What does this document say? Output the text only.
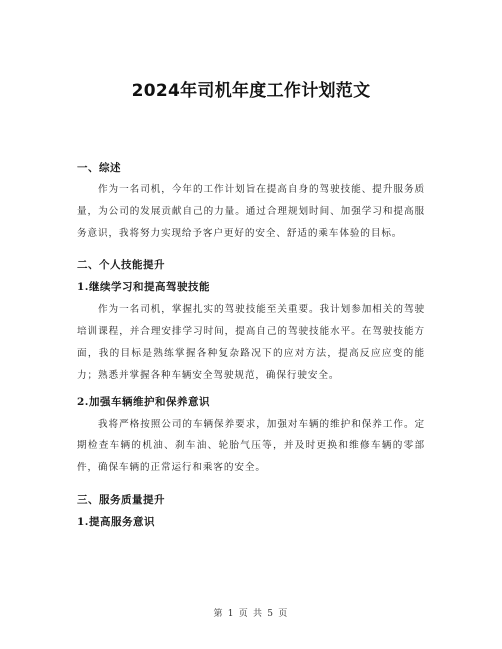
2024年司机年度工作计划范文
一、综述

作为一名司机，今年的工作计划旨在提高自身的驾驶技能、提升服务质量，为公司的发展贡献自己的力量。通过合理规划时间、加强学习和提高服务意识，我将努力实现给予客户更好的安全、舒适的乘车体验的目标。

二、个人技能提升
1.继续学习和提高驾驶技能

作为一名司机，掌握扎实的驾驶技能至关重要。我计划参加相关的驾驶培训课程，并合理安排学习时间，提高自己的驾驶技能水平。在驾驶技能方面，我的目标是熟练掌握各种复杂路况下的应对方法，提高反应应变的能力；熟悉并掌握各种车辆安全驾驶规范，确保行驶安全。

2.加强车辆维护和保养意识

我将严格按照公司的车辆保养要求，加强对车辆的维护和保养工作。定期检查车辆的机油、刹车油、轮胎气压等，并及时更换和维修车辆的零部件，确保车辆的正常运行和乘客的安全。

三、服务质量提升
1.提高服务意识
第 1 页 共 5 页
